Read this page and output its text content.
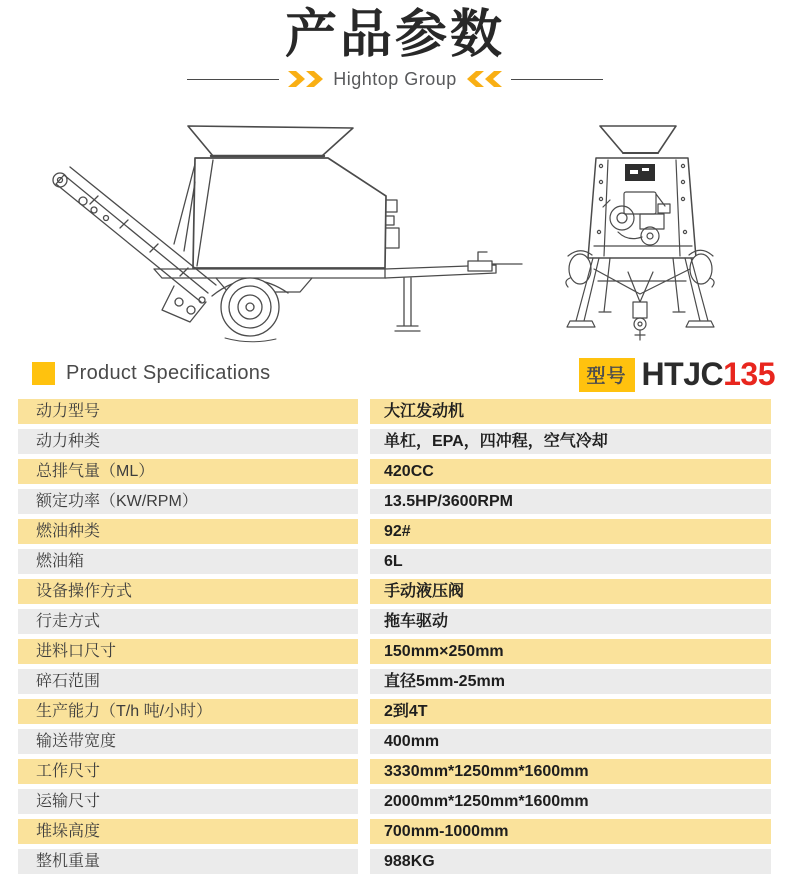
产品参数
Hightop Group
Product Specifications	型号 HTJC135
动力型号	大江发动机
动力种类	单杠，EPA，四冲程，空气冷却
总排气量（ML）	420CC
额定功率（KW/RPM）	13.5HP/3600RPM
燃油种类	92#
燃油箱	6L
设备操作方式	手动液压阀
行走方式	拖车驱动
进料口尺寸	150mm×250mm
碎石范围	直径5mm-25mm
生产能力（T/h 吨/小时）	2到4T
输送带宽度	400mm
工作尺寸	3330mm*1250mm*1600mm
运输尺寸	2000mm*1250mm*1600mm
堆垛高度	700mm-1000mm
整机重量	988KG
